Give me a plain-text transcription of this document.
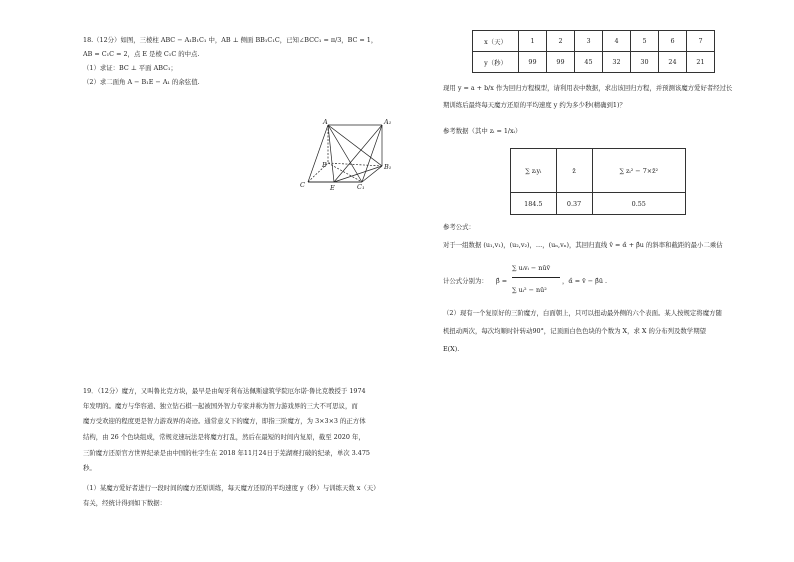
18.（12分）如图，三棱柱 ABC − A₁B₁C₁ 中，AB ⊥ 侧面 BB₁C₁C，已知∠BCC₁ = π/3，BC = 1，
AB = C₁C = 2，点 E 是棱 C₁C 的中点.
（1）求证：BC ⊥ 平面 ABC₁；
（2）求二面角 A − B₁E − A₁ 的余弦值.
A	A₁
B	B₁
C	C₁
E
19．（12分）魔方，又叫鲁比克方块，最早是由匈牙利布达佩斯建筑学院厄尔诺·鲁比克教授于 1974
年发明的。魔方与华容道、独立钻石棋一起被国外智力专家并称为智力游戏界的三大不可思议，而
魔方受欢迎的程度更是智力游戏界的奇迹。通常意义下的魔方，即指三阶魔方，为 3×3×3 的正方体
结构，由 26 个色块组成，常规竞速玩法是将魔方打乱，然后在最短的时间内复原，截至 2020 年，
三阶魔方还原官方世界纪录是由中国的杜宇生在 2018 年11月24日于芜湖赛打破的纪录，单次 3.475
秒。
（1）某魔方爱好者进行一段时间的魔方还原训练，每天魔方还原的平均速度 y（秒）与训练天数 x（天）
有关，经统计得到如下数据：
x（天）	1	2	3	4	5	6	7
y（秒）	99	99	45	32	30	24	21
现用 y = a + b/x 作为回归方程模型，请利用表中数据，求出该回归方程，并预测该魔方爱好者经过长
期训练后最终每天魔方还原的平均速度 y 约为多少秒(精确到1)？
参考数据（其中 zᵢ = 1/xᵢ）
∑ zᵢyᵢ	z̄	∑ zᵢ² − 7×z̄²
184.5	0.37	0.55
参考公式：
对于一组数据 (u₁,v₁)，(u₂,v₂)，…，(uₙ,vₙ)，其回归直线 v̂ = α̂ + β̂u 的斜率和截距的最小二乘估
计公式分别为： β̂ =
∑ uᵢvᵢ − nūv̄
∑ uᵢ² − nū²
，α̂ = v̄ − β̂ū .
（2）现有一个复原好的三阶魔方，白面朝上，只可以扭动最外侧的六个表面。某人按规定将魔方随
机扭动两次，每次均顺时针转动90°，记顶面白色色块的个数为 X，求 X 的分布列及数学期望
E(X).
